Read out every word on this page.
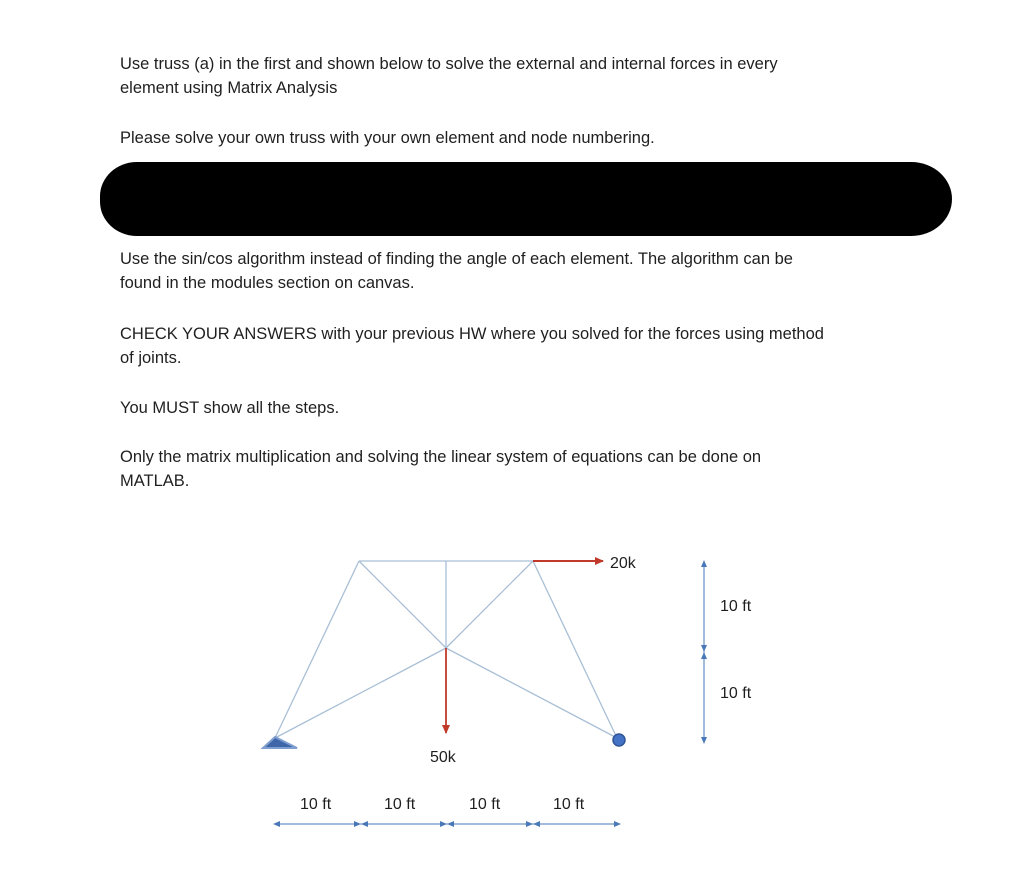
Use truss (a) in the first and shown below to solve the external and internal forces in every
element using Matrix Analysis

Please solve your own truss with your own element and node numbering.

Use the sin/cos algorithm instead of finding the angle of each element. The algorithm can be
found in the modules section on canvas.

CHECK YOUR ANSWERS with your previous HW where you solved for the forces using method
of joints.

You MUST show all the steps.

Only the matrix multiplication and solving the linear system of equations can be done on
MATLAB.

20k
50k
10 ft
10 ft
10 ft	10 ft	10 ft	10 ft
